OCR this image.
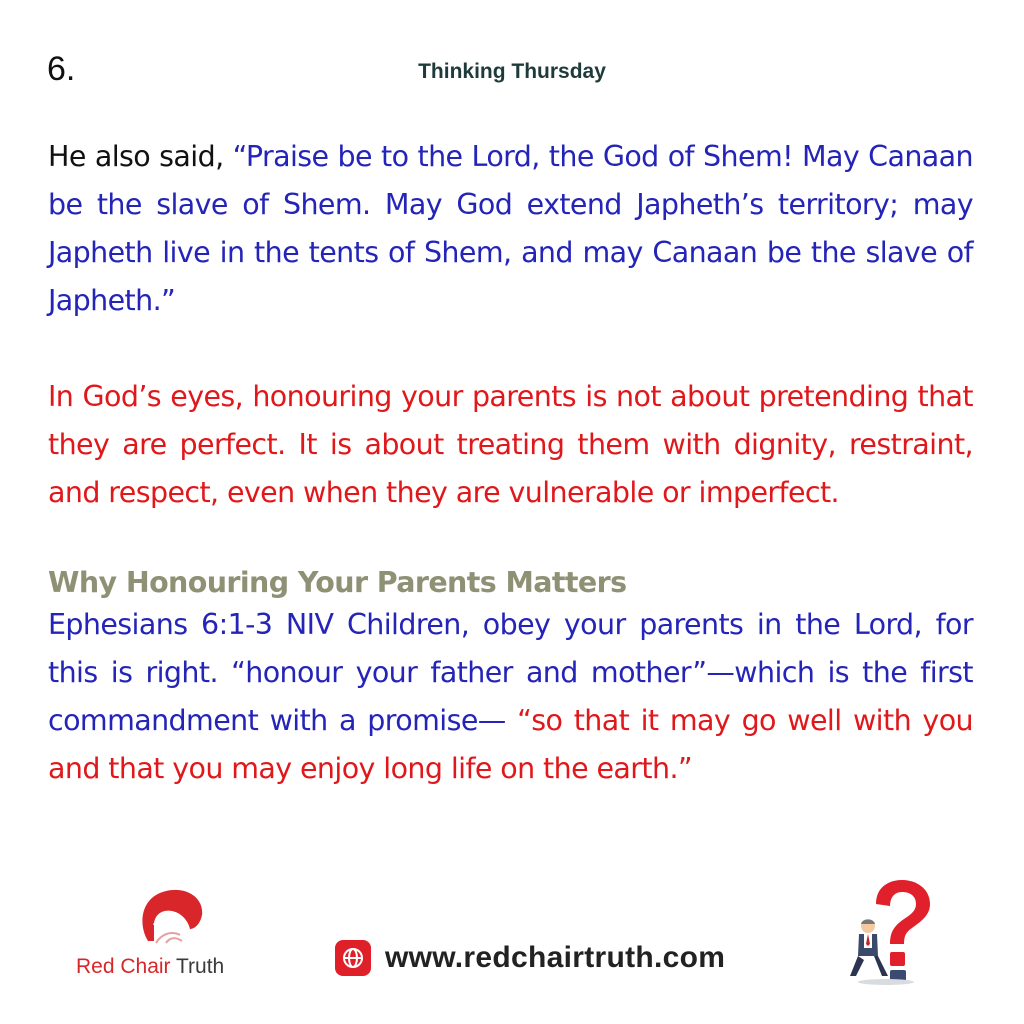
6.	Thinking Thursday

He also said, “Praise be to the Lord, the God of Shem! May Canaan be the slave of Shem. May God extend Japheth’s territory; may Japheth live in the tents of Shem, and may Canaan be the slave of Japheth.”

In God’s eyes, honouring your parents is not about pretending that they are perfect. It is about treating them with dignity, restraint, and respect, even when they are vulnerable or imperfect.

Why Honouring Your Parents Matters

Ephesians 6:1-3 NIV Children, obey your parents in the Lord, for this is right. “honour your father and mother”—which is the first commandment with a promise— “so that it may go well with you and that you may enjoy long life on the earth.”

Red Chair Truth	www.redchairtruth.com
